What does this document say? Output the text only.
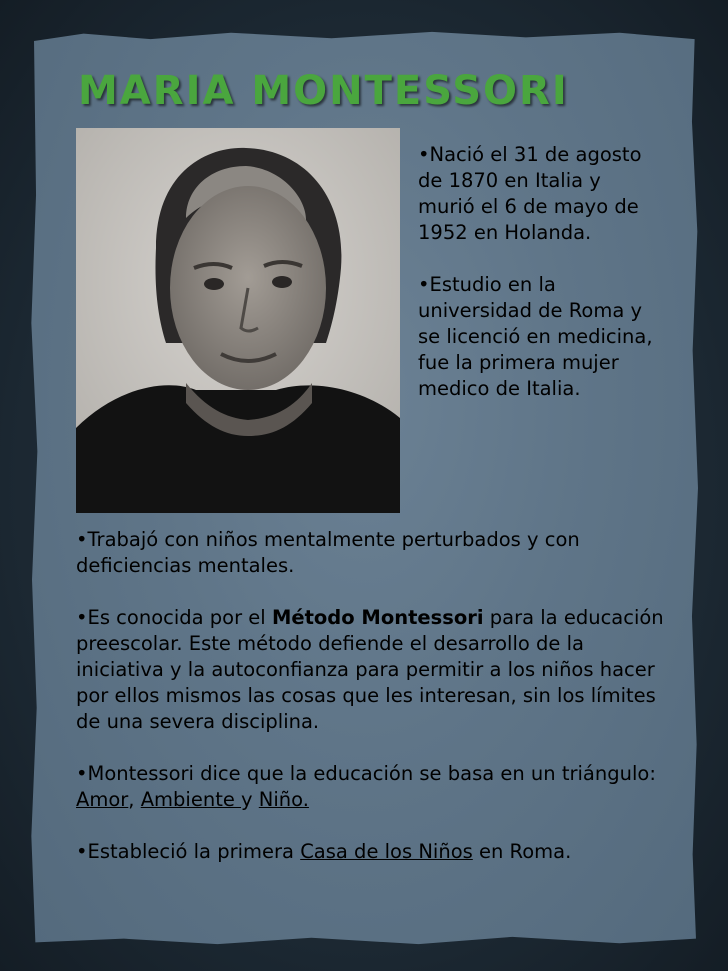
MARIA MONTESSORI

•Nació el 31 de agosto de 1870 en Italia y murió el 6 de mayo de 1952 en Holanda.

•Estudio en la universidad de Roma y se licenció en medicina, fue la primera mujer medico de Italia.

•Trabajó con niños mentalmente perturbados y con deficiencias mentales.

•Es conocida por el Método Montessori para la educación preescolar. Este método defiende el desarrollo de la iniciativa y la autoconfianza para permitir a los niños hacer por ellos mismos las cosas que les interesan, sin los límites de una severa disciplina.

•Montessori dice que la educación se basa en un triángulo: Amor, Ambiente y Niño.

•Estableció la primera Casa de los Niños en Roma.
